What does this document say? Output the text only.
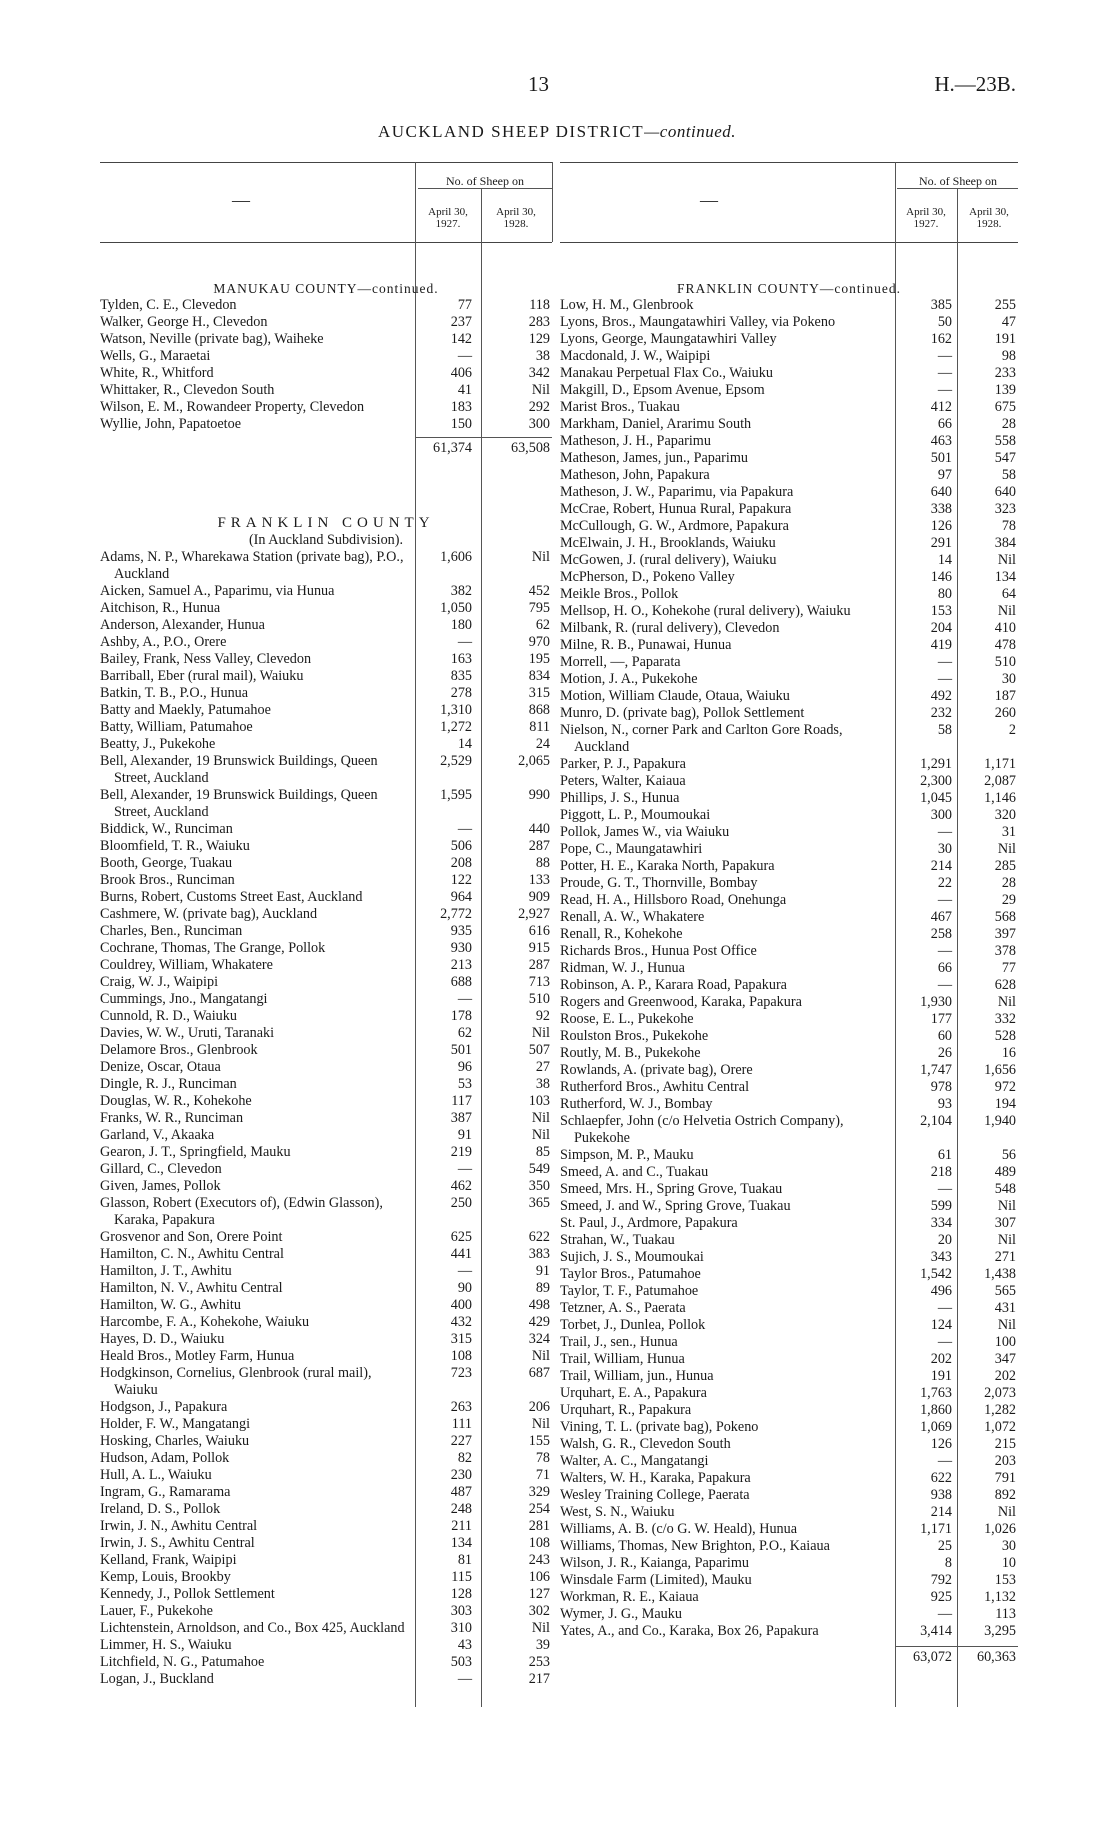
13	H.—23B.
AUCKLAND SHEEP DISTRICT—continued.
—
No. of Sheep on
April 30, 1927.
April 30, 1928.
MANUKAU COUNTY—continued.
Tylden, C. E., Clevedon	77	118
Walker, George H., Clevedon	237	283
Watson, Neville (private bag), Waiheke	142	129
Wells, G., Maraetai	—	38
White, R., Whitford	406	342
Whittaker, R., Clevedon South	41	Nil
Wilson, E. M., Rowandeer Property, Clevedon	183	292
Wyllie, John, Papatoetoe	150	300
61,374	63,508
FRANKLIN COUNTY
(In Auckland Subdivision).
Adams, N. P., Wharekawa Station (private bag), P.O., Auckland
1,606	Nil
Aicken, Samuel A., Paparimu, via Hunua	382	452
Aitchison, R., Hunua	1,050	795
Anderson, Alexander, Hunua	180	62
Ashby, A., P.O., Orere	—	970
Bailey, Frank, Ness Valley, Clevedon	163	195
Barriball, Eber (rural mail), Waiuku	835	834
Batkin, T. B., P.O., Hunua	278	315
Batty and Maekly, Patumahoe	1,310	868
Batty, William, Patumahoe	1,272	811
Beatty, J., Pukekohe	14	24
Bell, Alexander, 19 Brunswick Buildings, Queen Street, Auckland
2,529	2,065
Bell, Alexander, 19 Brunswick Buildings, Queen Street, Auckland
1,595	990
Biddick, W., Runciman	—	440
Bloomfield, T. R., Waiuku	506	287
Booth, George, Tuakau	208	88
Brook Bros., Runciman	122	133
Burns, Robert, Customs Street East, Auckland	964	909
Cashmere, W. (private bag), Auckland	2,772	2,927
Charles, Ben., Runciman	935	616
Cochrane, Thomas, The Grange, Pollok	930	915
Couldrey, William, Whakatere	213	287
Craig, W. J., Waipipi	688	713
Cummings, Jno., Mangatangi	—	510
Cunnold, R. D., Waiuku	178	92
Davies, W. W., Uruti, Taranaki	62	Nil
Delamore Bros., Glenbrook	501	507
Denize, Oscar, Otaua	96	27
Dingle, R. J., Runciman	53	38
Douglas, W. R., Kohekohe	117	103
Franks, W. R., Runciman	387	Nil
Garland, V., Akaaka	91	Nil
Gearon, J. T., Springfield, Mauku	219	85
Gillard, C., Clevedon	—	549
Given, James, Pollok	462	350
Glasson, Robert (Executors of), (Edwin Glasson), Karaka, Papakura
250	365
Grosvenor and Son, Orere Point	625	622
Hamilton, C. N., Awhitu Central	441	383
Hamilton, J. T., Awhitu	—	91
Hamilton, N. V., Awhitu Central	90	89
Hamilton, W. G., Awhitu	400	498
Harcombe, F. A., Kohekohe, Waiuku	432	429
Hayes, D. D., Waiuku	315	324
Heald Bros., Motley Farm, Hunua	108	Nil
Hodgkinson, Cornelius, Glenbrook (rural mail), Waiuku
723	687
Hodgson, J., Papakura	263	206
Holder, F. W., Mangatangi	111	Nil
Hosking, Charles, Waiuku	227	155
Hudson, Adam, Pollok	82	78
Hull, A. L., Waiuku	230	71
Ingram, G., Ramarama	487	329
Ireland, D. S., Pollok	248	254
Irwin, J. N., Awhitu Central	211	281
Irwin, J. S., Awhitu Central	134	108
Kelland, Frank, Waipipi	81	243
Kemp, Louis, Brookby	115	106
Kennedy, J., Pollok Settlement	128	127
Lauer, F., Pukekohe	303	302
Lichtenstein, Arnoldson, and Co., Box 425, Auckland	310	Nil
Limmer, H. S., Waiuku	43	39
Litchfield, N. G., Patumahoe	503	253
Logan, J., Buckland	—	217
—
No. of Sheep on
April 30, 1927.
April 30, 1928.
FRANKLIN COUNTY—continued.
Low, H. M., Glenbrook	385	255
Lyons, Bros., Maungatawhiri Valley, via Pokeno	50	47
Lyons, George, Maungatawhiri Valley	162	191
Macdonald, J. W., Waipipi	—	98
Manakau Perpetual Flax Co., Waiuku	—	233
Makgill, D., Epsom Avenue, Epsom	—	139
Marist Bros., Tuakau	412	675
Markham, Daniel, Ararimu South	66	28
Matheson, J. H., Paparimu	463	558
Matheson, James, jun., Paparimu	501	547
Matheson, John, Papakura	97	58
Matheson, J. W., Paparimu, via Papakura	640	640
McCrae, Robert, Hunua Rural, Papakura	338	323
McCullough, G. W., Ardmore, Papakura	126	78
McElwain, J. H., Brooklands, Waiuku	291	384
McGowen, J. (rural delivery), Waiuku	14	Nil
McPherson, D., Pokeno Valley	146	134
Meikle Bros., Pollok	80	64
Mellsop, H. O., Kohekohe (rural delivery), Waiuku	153	Nil
Milbank, R. (rural delivery), Clevedon	204	410
Milne, R. B., Punawai, Hunua	419	478
Morrell, —, Paparata	—	510
Motion, J. A., Pukekohe	—	30
Motion, William Claude, Otaua, Waiuku	492	187
Munro, D. (private bag), Pollok Settlement	232	260
Nielson, N., corner Park and Carlton Gore Roads, Auckland
58	2
Parker, P. J., Papakura	1,291 1,171
Peters, Walter, Kaiaua	2,300 2,087
Phillips, J. S., Hunua	1,045 1,146
Piggott, L. P., Moumoukai	300	320
Pollok, James W., via Waiuku	—	31
Pope, C., Maungatawhiri	30	Nil
Potter, H. E., Karaka North, Papakura	214	285
Proude, G. T., Thornville, Bombay	22	28
Read, H. A., Hillsboro Road, Onehunga	—	29
Renall, A. W., Whakatere	467	568
Renall, R., Kohekohe	258	397
Richards Bros., Hunua Post Office	—	378
Ridman, W. J., Hunua	66	77
Robinson, A. P., Karara Road, Papakura	—	628
Rogers and Greenwood, Karaka, Papakura	1,930	Nil
Roose, E. L., Pukekohe	177	332
Roulston Bros., Pukekohe	60	528
Routly, M. B., Pukekohe	26	16
Rowlands, A. (private bag), Orere	1,747 1,656
Rutherford Bros., Awhitu Central	978	972
Rutherford, W. J., Bombay	93	194
Schlaepfer, John (c/o Helvetia Ostrich Company), Pukekohe
2,104 1,940
Simpson, M. P., Mauku	61	56
Smeed, A. and C., Tuakau	218	489
Smeed, Mrs. H., Spring Grove, Tuakau	—	548
Smeed, J. and W., Spring Grove, Tuakau	599	Nil
St. Paul, J., Ardmore, Papakura	334	307
Strahan, W., Tuakau	20	Nil
Sujich, J. S., Moumoukai	343	271
Taylor Bros., Patumahoe	1,542 1,438
Taylor, T. F., Patumahoe	496	565
Tetzner, A. S., Paerata	—	431
Torbet, J., Dunlea, Pollok	124	Nil
Trail, J., sen., Hunua	—	100
Trail, William, Hunua	202	347
Trail, William, jun., Hunua	191	202
Urquhart, E. A., Papakura	1,763 2,073
Urquhart, R., Papakura	1,860 1,282
Vining, T. L. (private bag), Pokeno	1,069 1,072
Walsh, G. R., Clevedon South	126	215
Walter, A. C., Mangatangi	—	203
Walters, W. H., Karaka, Papakura	622	791
Wesley Training College, Paerata	938	892
West, S. N., Waiuku	214	Nil
Williams, A. B. (c/o G. W. Heald), Hunua	1,171 1,026
Williams, Thomas, New Brighton, P.O., Kaiaua	25	30
Wilson, J. R., Kaianga, Paparimu	8	10
Winsdale Farm (Limited), Mauku	792	153
Workman, R. E., Kaiaua	925 1,132
Wymer, J. G., Mauku	—	113
Yates, A., and Co., Karaka, Box 26, Papakura	3,414 3,295
63,072 60,363
